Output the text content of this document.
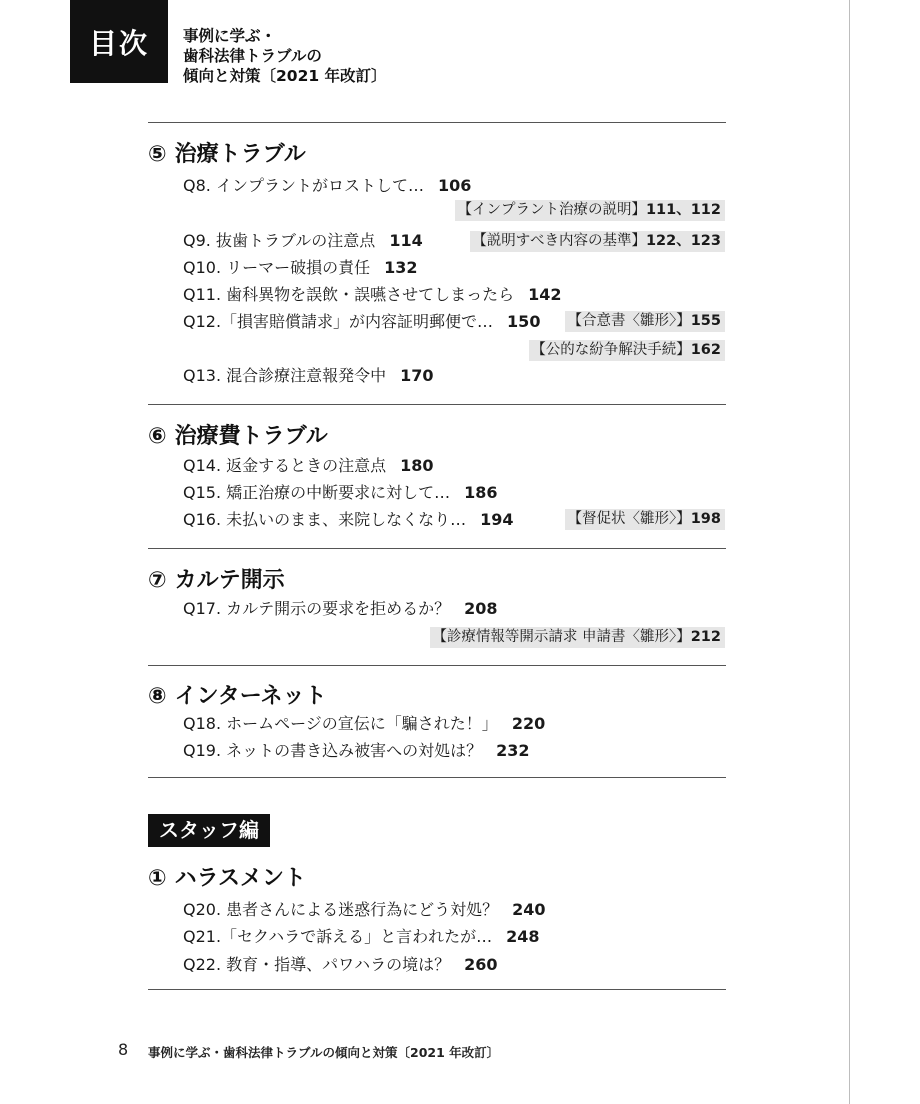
目次 事例に学ぶ・
歯科法律トラブルの
傾向と対策〔2021 年改訂〕
⑤ 治療トラブル
Q8. インプラントがロストして… 106
【インプラント治療の説明】111、112
Q9. 抜歯トラブルの注意点 114	【説明すべき内容の基準】122、123
Q10. リーマー破損の責任 132
Q11. 歯科異物を誤飲・誤嚥させてしまったら 142
Q12.「損害賠償請求」が内容証明郵便で… 150 【合意書〈雛形〉】155
【公的な紛争解決手続】162
Q13. 混合診療注意報発令中 170
⑥ 治療費トラブル
Q14. 返金するときの注意点 180
Q15. 矯正治療の中断要求に対して… 186
Q16. 未払いのまま、来院しなくなり… 194	【督促状〈雛形〉】198
⑦ カルテ開示
Q17. カルテ開示の要求を拒めるか？ 208
【診療情報等開示請求 申請書〈雛形〉】212
⑧ インターネット
Q18. ホームページの宣伝に「騙された！」 220
Q19. ネットの書き込み被害への対処は？ 232
スタッフ編
① ハラスメント
Q20. 患者さんによる迷惑行為にどう対処？ 240
Q21.「セクハラで訴える」と言われたが… 248
Q22. 教育・指導、パワハラの境は？ 260
8 事例に学ぶ・歯科法律トラブルの傾向と対策〔2021 年改訂〕
